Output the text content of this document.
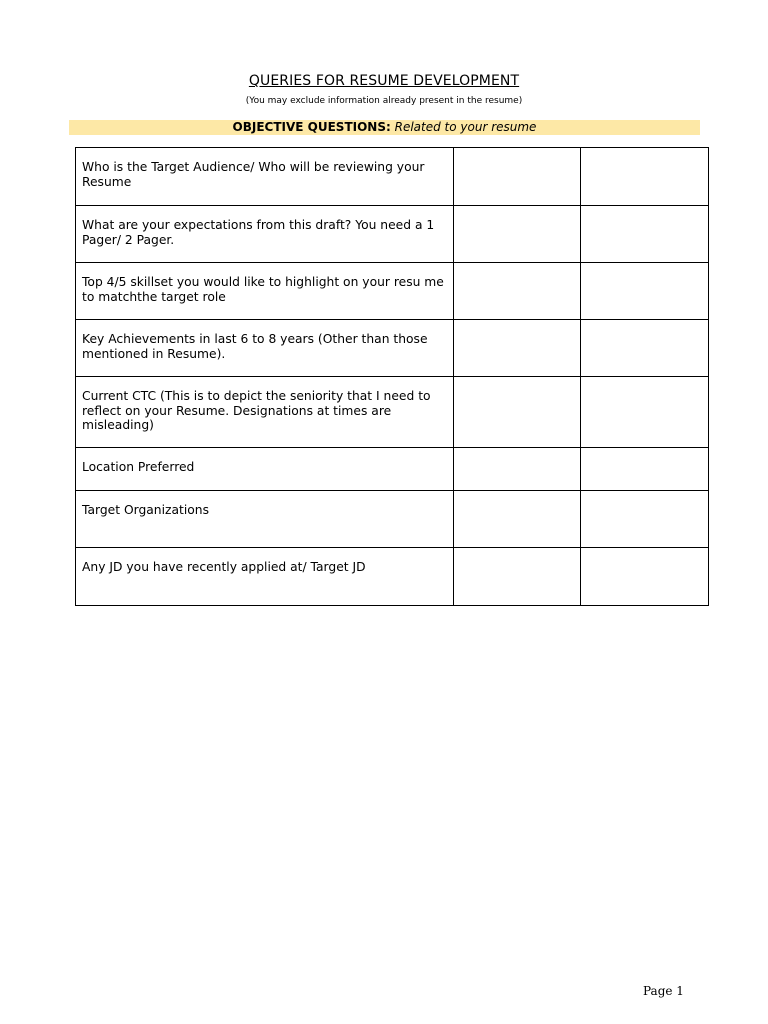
QUERIES FOR RESUME DEVELOPMENT
(You may exclude information already present in the resume)
OBJECTIVE QUESTIONS: Related to your resume
Who is the Target Audience/ Who will be reviewing your Resume		
What are your expectations from this draft? You need a 1 Pager/ 2 Pager.		
Top 4/5 skillset you would like to highlight on your resu me to matchthe target role		
Key Achievements in last 6 to 8 years (Other than those mentioned in Resume).		
Current CTC (This is to depict the seniority that I need to reflect on your Resume. Designations at times are misleading)		
Location Preferred		
Target Organizations		
Any JD you have recently applied at/ Target JD		
Page 1
